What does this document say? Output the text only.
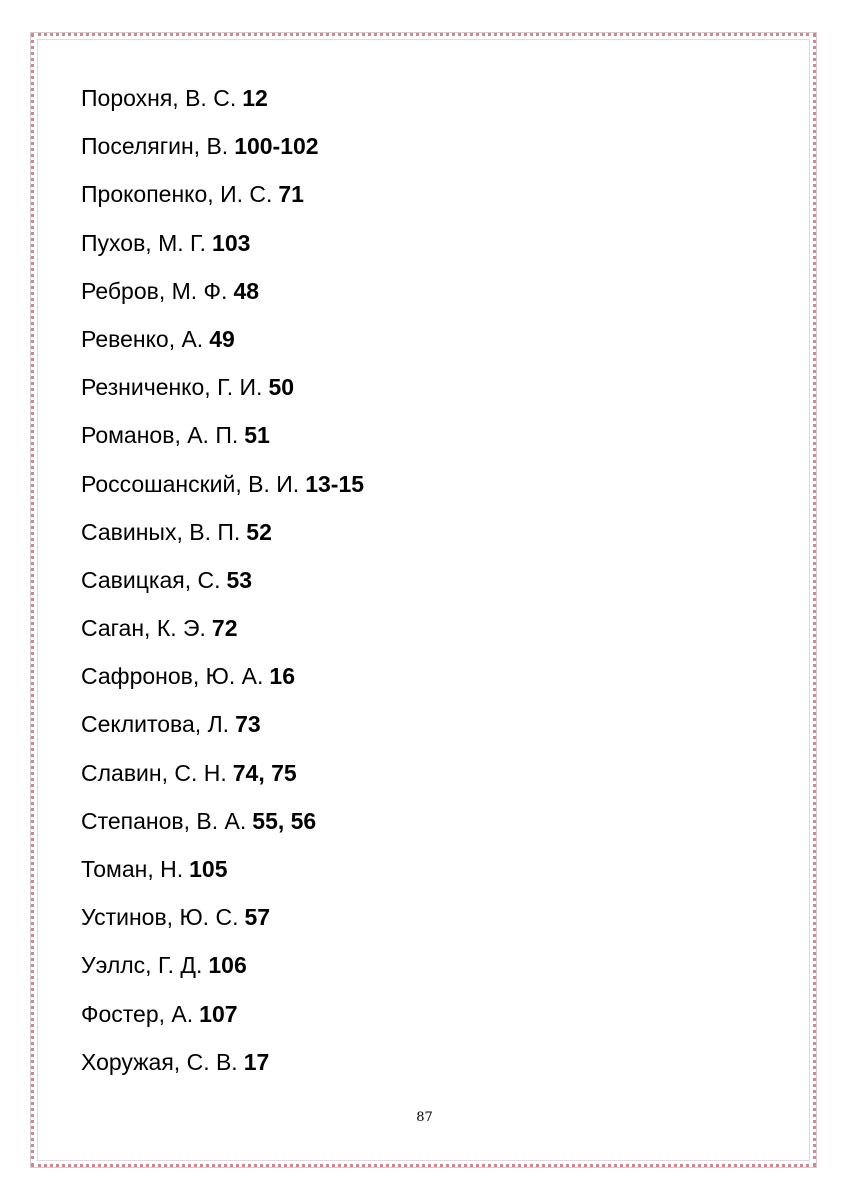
Порохня, В. С. 12
Поселягин, В. 100-102
Прокопенко, И. С. 71
Пухов, М. Г. 103
Ребров, М. Ф. 48
Ревенко, А. 49
Резниченко, Г. И. 50
Романов, А. П. 51
Россошанский, В. И. 13-15
Савиных, В. П. 52
Савицкая, С. 53
Саган, К. Э. 72
Сафронов, Ю. А. 16
Секлитова, Л. 73
Славин, С. Н. 74, 75
Степанов, В. А. 55, 56
Томан, Н. 105
Устинов, Ю. С. 57
Уэллс, Г. Д. 106
Фостер, А. 107
Хоружая, С. В. 17
87
